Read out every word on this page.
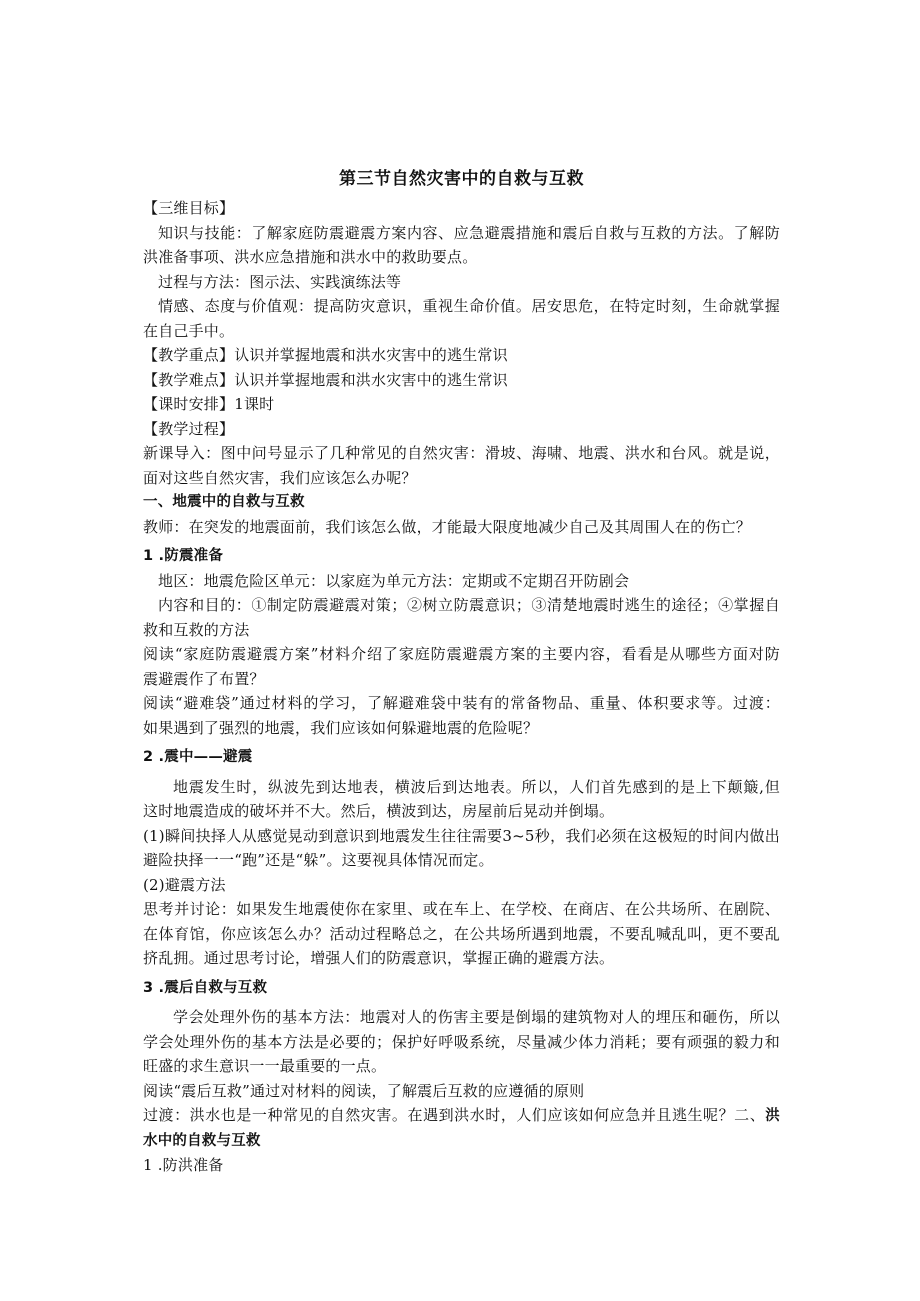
第三节自然灾害中的自救与互救
【三维目标】
知识与技能：了解家庭防震避震方案内容、应急避震措施和震后自救与互救的方法。了解防
洪准备事项、洪水应急措施和洪水中的救助要点。
过程与方法：图示法、实践演练法等
情感、态度与价值观：提高防灾意识，重视生命价值。居安思危，在特定时刻，生命就掌握
在自己手中。
【教学重点】认识并掌握地震和洪水灾害中的逃生常识
【教学难点】认识并掌握地震和洪水灾害中的逃生常识
【课时安排】1课时
【教学过程】
新课导入：图中问号显示了几种常见的自然灾害：滑坡、海啸、地震、洪水和台风。就是说，
面对这些自然灾害，我们应该怎么办呢？
一、地震中的自救与互救
教师：在突发的地震面前，我们该怎么做，才能最大限度地减少自己及其周围人在的伤亡？
1 .防震准备
地区：地震危险区单元：以家庭为单元方法：定期或不定期召开防剧会
内容和目的：①制定防震避震对策；②树立防震意识；③清楚地震时逃生的途径；④掌握自
救和互救的方法
阅读“家庭防震避震方案”材料介绍了家庭防震避震方案的主要内容，看看是从哪些方面对防
震避震作了布置？
阅读“避难袋”通过材料的学习，了解避难袋中装有的常备物品、重量、体积要求等。过渡：
如果遇到了强烈的地震，我们应该如何躲避地震的危险呢？
2 .震中——避震
地震发生时，纵波先到达地表，横波后到达地表。所以，人们首先感到的是上下颠簸,但
这时地震造成的破坏并不大。然后，横波到达，房屋前后晃动并倒塌。
(1)瞬间抉择人从感觉晃动到意识到地震发生往往需要3~5秒，我们必须在这极短的时间内做出
避险抉择一一“跑”还是“躲”。这要视具体情况而定。
(2)避震方法
思考并讨论：如果发生地震使你在家里、或在车上、在学校、在商店、在公共场所、在剧院、
在体育馆，你应该怎么办？活动过程略总之，在公共场所遇到地震，不要乱喊乱叫，更不要乱
挤乱拥。通过思考讨论，增强人们的防震意识，掌握正确的避震方法。
3 .震后自救与互救
学会处理外伤的基本方法：地震对人的伤害主要是倒塌的建筑物对人的埋压和砸伤，所以
学会处理外伤的基本方法是必要的；保护好呼吸系统，尽量减少体力消耗；要有顽强的毅力和
旺盛的求生意识一一最重要的一点。
阅读“震后互救”通过对材料的阅读，了解震后互救的应遵循的原则
过渡：洪水也是一种常见的自然灾害。在遇到洪水时，人们应该如何应急并且逃生呢？二、洪
水中的自救与互救
1 .防洪准备
